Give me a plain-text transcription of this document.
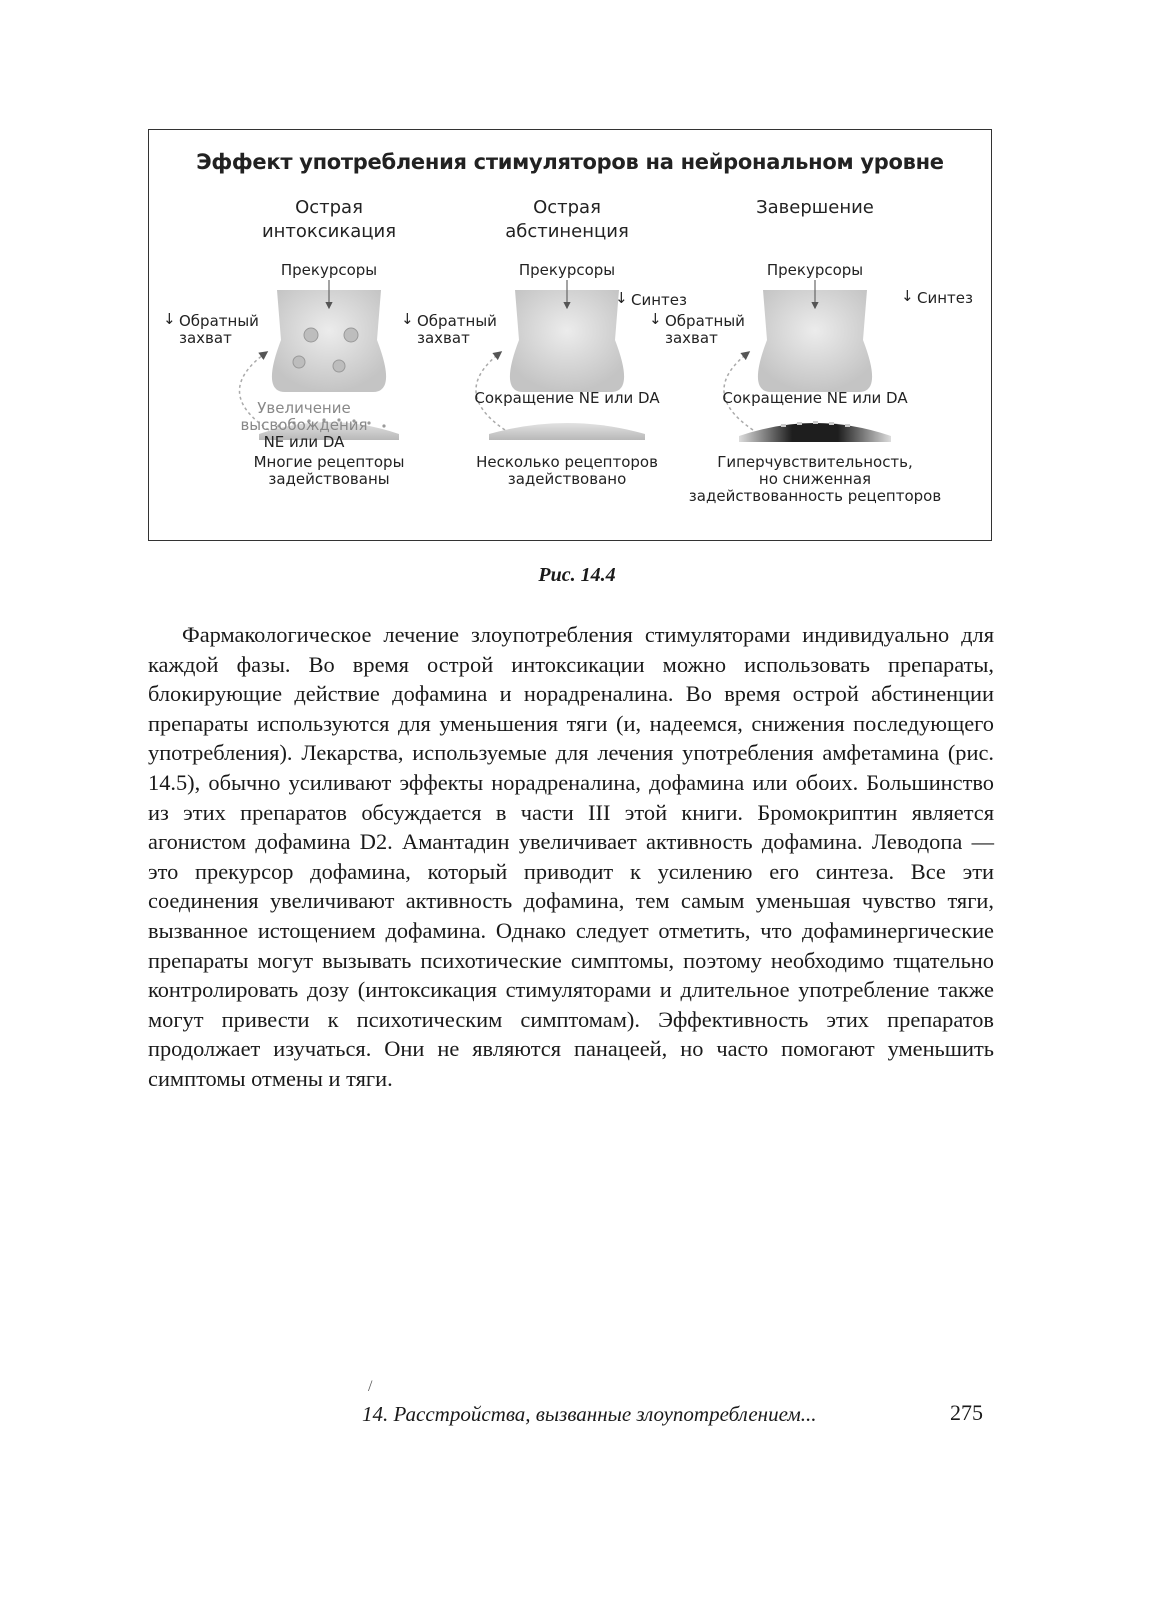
Эффект употребления стимуляторов на нейрональном уровне
Острая
интоксикация
Прекурсоры
↓ Обратный
захват

Увеличение
высвобождения
NE или DA

Многие рецепторы
задействованы
Острая
абстиненция
Прекурсоры
↓ Синтез
↓ Обратный
захват
Сокращение NE или DA
Несколько рецепторов
задействовано
Завершение
Прекурсоры
↓ Синтез
↓ Обратный
захват
Сокращение NE или DA
Гиперчувствительность,
но сниженная
задействованность рецепторов
Рис. 14.4
Фармакологическое лечение злоупотребления стимуляторами индивидуально для каждой фазы. Во время острой интоксикации можно использовать препараты, блокирующие действие дофамина и норадреналина. Во время острой абстиненции препараты используются для уменьшения тяги (и, надеемся, снижения последующего употребления). Лекарства, используемые для лечения употребления амфетамина (рис. 14.5), обычно усиливают эффекты норадреналина, дофамина или обоих. Большинство из этих препаратов обсуждается в части III этой книги. Бромокриптин является агонистом дофамина D2. Амантадин увеличивает активность дофамина. Леводопа — это прекурсор дофамина, который приводит к усилению его синтеза. Все эти соединения увеличивают активность дофамина, тем самым уменьшая чувство тяги, вызванное истощением дофамина. Однако следует отметить, что дофаминергические препараты могут вызывать психотические симптомы, поэтому необходимо тщательно контролировать дозу (интоксикация стимуляторами и длительное употребление также могут привести к психотическим симптомам). Эффективность этих препаратов продолжает изучаться. Они не являются панацеей, но часто помогают уменьшить симптомы отмены и тяги.
/
14. Расстройства, вызванные злоупотреблением...	275
